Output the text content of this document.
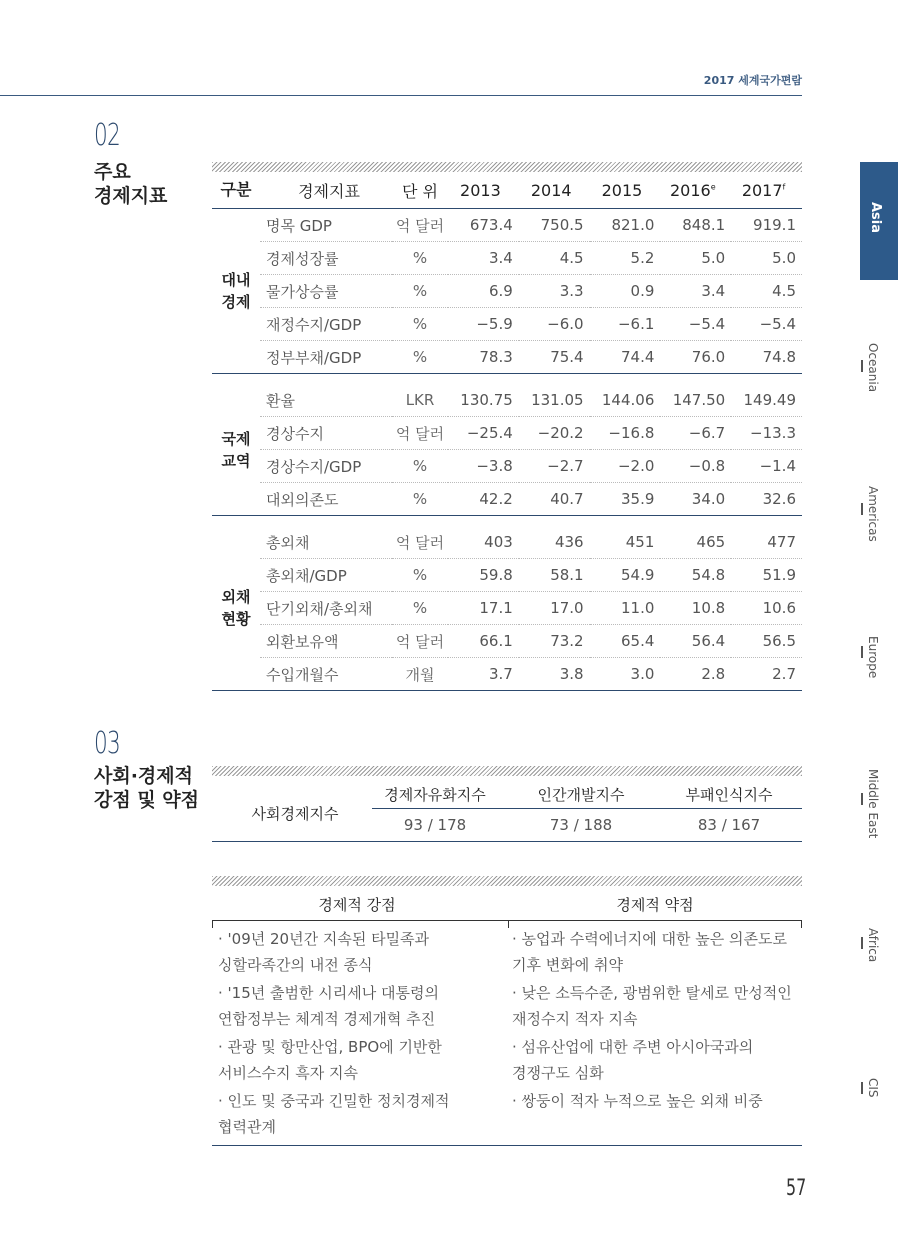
2017 세계국가편람
02
주요
경제지표	구분	경제지표	단 위	2013	2014	2015	2016e	2017$^f$

대내
경제	명목 GDP	억 달러	673.4	750.5	821.0	848.1	919.1
	경제성장률	%	3.4	4.5	5.2	5.0	5.0
	물가상승률	%	6.9	3.3	0.9	3.4	4.5
	재정수지/GDP	%	−5.9	−6.0	−6.1	−5.4	−5.4
	정부부채/GDP	%	78.3	75.4	74.4	76.0	74.8

국제
교역	환율	LKR	130.75	131.05	144.06	147.50	149.49
	경상수지	억 달러	−25.4	−20.2	−16.8	−6.7	−13.3
	경상수지/GDP	%	−3.8	−2.7	−2.0	−0.8	−1.4
	대외의존도	%	42.2	40.7	35.9	34.0	32.6

외채
현황	총외채	억 달러	403	436	451	465	477
	총외채/GDP	%	59.8	58.1	54.9	54.8	51.9
	단기외채/총외채	%	17.1	17.0	11.0	10.8	10.6
	외환보유액	억 달러	66.1	73.2	65.4	56.4	56.5
	수입개월수	개월	3.7	3.8	3.0	2.8	2.7
Asia
Oceania
Americas
Europe
Middle East
Africa
CIS
03
사회·경제적
강점 및 약점
사회경제지수
경제자유화지수	인간개발지수	부패인식지수
93 / 178	73 / 188	83 / 167
경제적 강점	경제적 약점
· '09년 20년간 지속된 타밀족과
싱할라족간의 내전 종식
· '15년 출범한 시리세나 대통령의
연합정부는 체계적 경제개혁 추진
· 관광 및 항만산업, BPO에 기반한
서비스수지 흑자 지속
· 인도 및 중국과 긴밀한 정치경제적
협력관계
· 농업과 수력에너지에 대한 높은 의존도로
기후 변화에 취약
· 낮은 소득수준, 광범위한 탈세로 만성적인
재정수지 적자 지속
· 섬유산업에 대한 주변 아시아국과의
경쟁구도 심화
· 쌍둥이 적자 누적으로 높은 외채 비중
57
